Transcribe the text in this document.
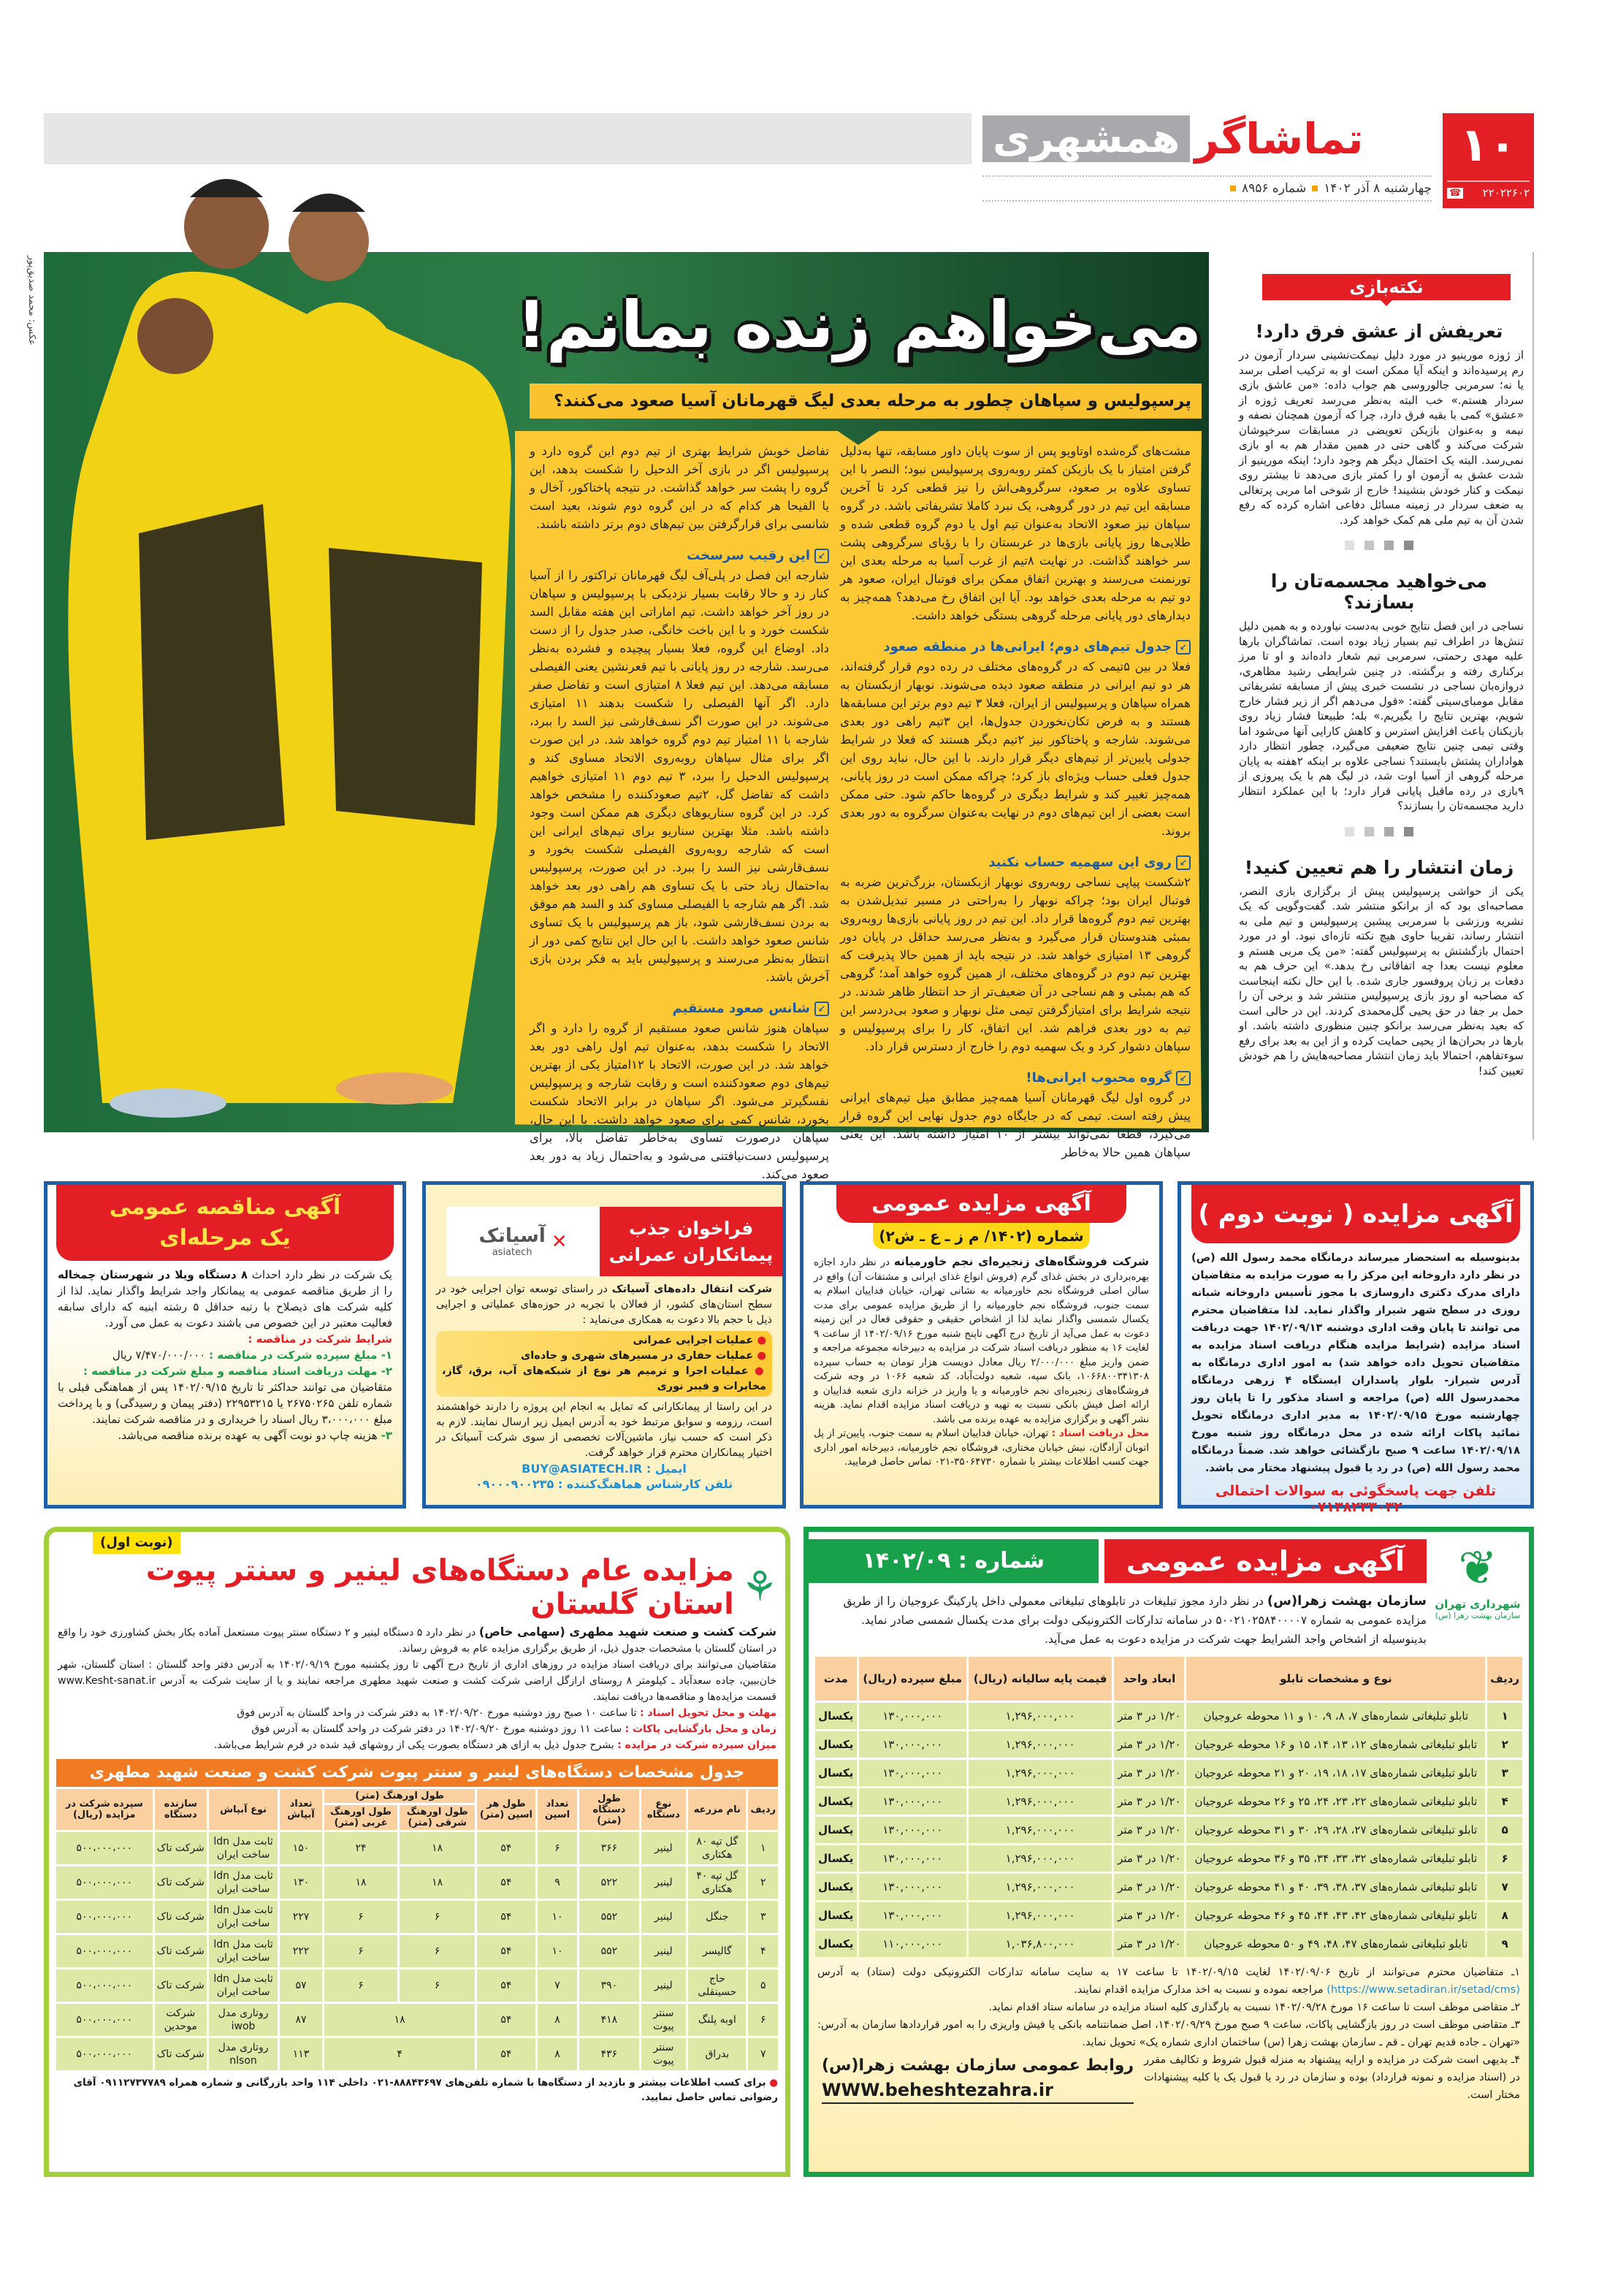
۱۰
☎ ۲۲۰۲۲۶۰۲
تماشاگر
همشهری
چهارشنبه ۸ آذر ۱۴۰۲
شماره ۸۹۵۶
عکس: محمد صدیق‌پور	می‌خواهم زنده بمانم!
پرسپولیس و سپاهان چطور به مرحله بعدی لیگ قهرمانان آسیا صعود می‌کنند؟

مشت‌های گره‌شده اوتاویو پس از سوت پایان داور مسابقه، تنها به‌دلیل گرفتن امتیاز با یک بازیکن کمتر روبه‌روی پرسپولیس نبود؛ النصر با این تساوی علاوه بر صعود، سرگروهی‌اش را نیز قطعی کرد تا آخرین مسابقه این تیم در دور گروهی، یک نبرد کاملا تشریفاتی باشد. در گروه سپاهان نیز صعود الاتحاد به‌عنوان تیم اول یا دوم گروه قطعی شده و طلایی‌ها روز پایانی بازی‌ها در عربستان را با رؤیای سرگروهی پشت سر خواهند گذاشت. در نهایت ۸تیم از غرب آسیا به مرحله بعدی این تورنمنت می‌رسند و بهترین اتفاق ممکن برای فوتبال ایران، صعود هر دو تیم به مرحله بعدی خواهد بود. آیا این اتفاق رخ می‌دهد؟ همه‌چیز به دیدارهای دور پایانی مرحله گروهی بستگی خواهد داشت.

↙
جدول تیم‌های دوم؛ ایرانی‌ها در منطقه صعود

فعلا در بین ۵تیمی که در گروه‌های مختلف در رده دوم قرار گرفته‌اند، هر دو تیم ایرانی در منطقه صعود دیده می‌شوند. نوبهار ازبکستان به همراه سپاهان و پرسپولیس از ایران، فعلا ۳ تیم دوم برتر این مسابقه‌ها هستند و به فرض تکان‌نخوردن جدول‌ها، این ۳تیم راهی دور بعدی می‌شوند. شارجه و پاختاکور نیز ۲تیم دیگر هستند که فعلا در شرایط جدولی پایین‌تر از تیم‌های دیگر قرار دارند. با این حال، نباید روی این جدول فعلی حساب ویژه‌ای باز کرد؛ چراکه ممکن است در روز پایانی، همه‌چیز تغییر کند و شرایط دیگری در گروه‌ها حاکم شود. حتی ممکن است بعضی از این تیم‌های دوم در نهایت به‌عنوان سرگروه به دور بعدی بروند.

↙
روی این سهمیه حساب نکنید

۲شکست پیاپی نساجی روبه‌روی نوبهار ازبکستان، بزرگ‌ترین ضربه به فوتبال ایران بود؛ چراکه نوبهار را به‌راحتی در مسیر تبدیل‌شدن به بهترین تیم دوم گروه‌ها قرار داد. این تیم در روز پایانی بازی‌ها روبه‌روی بمبئی هندوستان قرار می‌گیرد و به‌نظر می‌رسد حداقل در پایان دور گروهی ۱۳ امتیازی خواهد شد. در نتیجه باید از همین حالا پذیرفت که بهترین تیم دوم در گروه‌های مختلف، از همین گروه خواهد آمد؛ گروهی که هم بمبئی و هم نساجی در آن ضعیف‌تر از حد انتظار ظاهر شدند. در نتیجه شرایط برای امتیازگرفتن تیمی مثل نوبهار و صعود بی‌دردسر این تیم به دور بعدی فراهم شد. این اتفاق، کار را برای پرسپولیس و سپاهان دشوار کرد و یک سهمیه دوم را خارج از دسترس قرار داد.

↙
گروه محبوب ایرانی‌ها!

در گروه اول لیگ قهرمانان آسیا همه‌چیز مطابق میل تیم‌های ایرانی پیش رفته است. تیمی که در جایگاه دوم جدول نهایی این گروه قرار می‌گیرد، قطعا نمی‌تواند بیشتر از ۱۰ امتیاز داشته باشد. این یعنی سپاهان همین حالا به‌خاطر

تفاضل خوبش شرایط بهتری از تیم دوم این گروه دارد و پرسپولیس اگر در بازی آخر الدحیل را شکست بدهد، این گروه را پشت سر خواهد گذاشت. در نتیجه پاختاکور، آخال و یا الفیحا هر کدام که در این گروه دوم شوند، بعید است شانسی برای قرارگرفتن بین تیم‌های دوم برتر داشته باشند.

↙
این رقیب سرسخت

شارجه این فصل در پلی‌آف لیگ قهرمانان تراکتور را از آسیا کنار زد و حالا رقابت بسیار نزدیکی با پرسپولیس و سپاهان در روز آخر خواهد داشت. تیم اماراتی این هفته مقابل السد شکست خورد و با این باخت خانگی، صدر جدول را از دست داد. اوضاع این گروه، فعلا بسیار پیچیده و فشرده به‌نظر می‌رسد. شارجه در روز پایانی با تیم قعرنشین یعنی الفیصلی مسابقه می‌دهد. این تیم فعلا ۸ امتیازی است و تفاضل صفر دارد. اگر آنها الفیصلی را شکست بدهند ۱۱ امتیازی می‌شوند. در این صورت اگر نسف‌قارشی نیز السد را ببرد، شارجه با ۱۱ امتیاز تیم دوم گروه خواهد شد. در این صورت اگر برای مثال سپاهان روبه‌روی الاتحاد مساوی کند و پرسپولیس الدحیل را ببرد، ۳ تیم دوم ۱۱ امتیازی خواهیم داشت که تفاضل گل، ۲تیم صعودکننده را مشخص خواهد کرد. در این گروه سناریوهای دیگری هم ممکن است وجود داشته باشد. مثلا بهترین سناریو برای تیم‌های ایرانی این است که شارجه روبه‌روی الفیصلی شکست بخورد و نسف‌قارشی نیز السد را ببرد. در این صورت، پرسپولیس به‌احتمال زیاد حتی با یک تساوی هم راهی دور بعد خواهد شد. اگر هم شارجه با الفیصلی مساوی کند و السد هم موفق به بردن نسف‌قارشی شود، باز هم پرسپولیس با یک تساوی شانس صعود خواهد داشت. با این حال این نتایج کمی دور از انتظار به‌نظر می‌رسند و پرسپولیس باید به فکر بردن بازی آخرش باشد.

↙
شانس صعود مستقیم

سپاهان هنوز شانس صعود مستقیم از گروه را دارد و اگر الاتحاد را شکست بدهد، به‌عنوان تیم اول راهی دور بعد خواهد شد. در این صورت، الاتحاد با ۱۲امتیاز یکی از بهترین تیم‌های دوم صعودکننده است و رقابت شارجه و پرسپولیس نفسگیرتر می‌شود. اگر سپاهان در برابر الاتحاد شکست بخورد، شانس کمی برای صعود خواهد داشت. با این حال، سپاهان درصورت تساوی به‌خاطر تفاضل بالا، برای پرسپولیس دست‌نیافتنی می‌شود و به‌احتمال زیاد به دور بعد صعود می‌کند.

نکته‌بازی
تعریفش از عشق فرق دارد!
از ژوزه مورینیو در مورد دلیل نیمکت‌نشینی سردار آزمون در رم پرسیده‌اند و اینکه آیا ممکن است او به ترکیب اصلی برسد یا نه؛ سرمربی جالوروسی هم جواب داده: «من عاشق بازی سردار هستم.» خب البته به‌نظر می‌رسد تعریف ژوزه از «عشق» کمی با بقیه فرق دارد، چرا که آزمون همچنان نصفه و نیمه و به‌عنوان بازیکن تعویضی در مسابقات سرخپوشان شرکت می‌کند و گاهی حتی در همین مقدار هم به او بازی نمی‌رسد. البته یک احتمال دیگر هم وجود دارد؛ اینکه مورینیو از شدت عشق به آزمون او را کمتر بازی می‌دهد تا بیشتر روی نیمکت و کنار خودش بنشیند! خارج از شوخی اما مربی پرتغالی به ضعف سردار در زمینه مسائل دفاعی اشاره کرده که رفع شدن آن به تیم ملی هم کمک خواهد کرد.
می‌خواهید مجسمه‌تان را بسازند؟
نساجی در این فصل نتایج خوبی به‌دست نیاورده و به همین دلیل تنش‌ها در اطراف تیم بسیار زیاد بوده است. تماشاگران بارها علیه مهدی رحمتی، سرمربی تیم شعار داده‌اند و او تا مرز برکناری رفته و برگشته. در چنین شرایطی رشید مظاهری، دروازه‌بان نساجی در نشست خبری پیش از مسابقه تشریفاتی مقابل مومبای‌سیتی گفته: «قول می‌دهم اگر از زیر فشار خارج شویم، بهترین نتایج را بگیریم.» بله؛ طبیعتا فشار زیاد روی بازیکنان باعث افزایش استرس و کاهش کارایی آنها می‌شود اما وقتی تیمی چنین نتایج ضعیفی می‌گیرد، چطور انتظار دارد هواداران پشتش بایستند؟ نساجی علاوه بر اینکه ۲هفته به پایان مرحله گروهی از آسیا اوت شد، در لیگ هم با یک پیروزی از ۹بازی در رده ماقبل پایانی قرار دارد؛ با این عملکرد انتظار دارید مجسمه‌تان را بسازند؟
زمان انتشار را هم تعیین کنید!
یکی از حواشی پرسپولیس پیش از برگزاری بازی النصر، مصاحبه‌ای بود که از برانکو منتشر شد. گفت‌وگویی که یک نشریه ورزشی با سرمربی پیشین پرسپولیس و تیم ملی به انتشار رساند، تقریبا حاوی هیچ نکته تازه‌ای نبود. او در مورد احتمال بازگشتش به پرسپولیس گفته: «من یک مربی هستم و معلوم نیست بعدا چه اتفاقاتی رخ بدهد.» این حرف هم به دفعات بر زبان پروفسور جاری شده. با این حال نکته اینجاست که مصاحبه او روز بازی پرسپولیس منتشر شد و برخی آن را حمل بر جفا در حق یحیی گل‌محمدی کردند. این در حالی است که بعید به‌نظر می‌رسد برانکو چنین منظوری داشته باشد. او بارها در بحران‌ها از یحیی حمایت کرده و از این به بعد برای رفع سوءتفاهم، احتمالا باید زمان انتشار مصاحبه‌هایش را هم خودش تعیین کند!
آگهی مناقصه عمومی
یک مرحله‌ای
یک شرکت در نظر دارد احداث ۸ دستگاه ویلا در شهرستان چمخاله را از طریق مناقصه عمومی به پیمانکار واجد شرایط واگذار نماید. لذا از کلیه شرکت های ذیصلاح با رتبه حداقل ۵ رشته ابنیه که دارای سابقه فعالیت معتبر در این خصوص می باشند دعوت به عمل می آورد.
شرایط شرکت در مناقصه :
۱- مبلغ سپرده شرکت در مناقصه : ۷/۴۷۰/۰۰۰/۰۰۰ ریال
۲- مهلت دریافت اسناد مناقصه و مبلغ شرکت در مناقصه :
متقاضیان می توانند حداکثر تا تاریخ ۱۴۰۲/۰۹/۱۵ پس از هماهنگی قبلی با شماره تلفن ۲۶۷۵۰۲۶۵ یا ۲۲۹۵۳۲۱۵ (دفتر پیمان و رسیدگی) و با پرداخت مبلغ ۳،۰۰۰،۰۰۰ ریال اسناد را خریداری و در مناقصه شرکت نمایند.
۳- هزینه چاپ دو نوبت آگهی به عهده برنده مناقصه می‌باشد.
فراخوان جذب
پیمانکاران عمرانی
✕
آسیاتک
asiatech
شرکت انتقال داده‌های آسیاتک در راستای توسعه توان اجرایی خود در سطح استان‌های کشور، از فعالان با تجربه در حوزه‌های عملیاتی و اجرایی ذیل با حجم بالا دعوت به همکاری می‌نماید :
● عملیات اجرایی عمرانی
● عملیات حفاری در مسیرهای شهری و جاده‌ای
● عملیات اجرا و ترمیم هر نوع از شبکه‌های آب، برق، گاز، مخابرات و فیبر نوری
در این راستا از پیمانکارانی که تمایل به انجام این پروژه را دارند خواهشمند است، رزومه و سوابق مرتبط خود به آدرس ایمیل زیر ارسال نمایند. لازم به ذکر است که حسب نیاز، ماشین‌آلات تخصصی از سوی شرکت آسیاتک در اختیار پیمانکاران محترم قرار خواهد گرفت.
ایمیل : BUY@ASIATECH.IR
تلفن کارشناس هماهنگ‌کننده : ۰۹۰۰۰۹۰۰۲۳۵
آگهی مزایده عمومی
شماره (۱۴۰۲/ م ز ـ ع ـ ش۲)
شرکت فروشگاه‌های زنجیره‌ای نجم خاورمیانه در نظر دارد اجازه بهره‌برداری در بخش غذای گرم (فروش انواع غذای ایرانی و مشتقات آن) واقع در سالن اصلی فروشگاه نجم خاورمیانه به نشانی تهران، خیابان فداییان اسلام به سمت جنوب، فروشگاه نجم خاورمیانه را از طریق مزایده عمومی برای مدت یکسال شمسی واگذار نماید لذا از اشخاص حقیقی و حقوقی فعال در این زمینه دعوت به عمل می‌آید از تاریخ درج آگهی تاپنج شنبه مورخ ۱۴۰۲/۰۹/۱۶ از ساعت ۹ لغایت ۱۶ به منظور دریافت اسناد شرکت در مزایده به دبیرخانه مجموعه مراجعه و ضمن واریز مبلغ ۲/۰۰۰/۰۰۰ ریال معادل دویست هزار تومان به حساب سپرده ۱۰۶۶۸۰۰۳۴۱۳۰۸، بانک سپه، شعبه دولت‌آباد، کد شعبه ۱۰۶۶ در وجه شرکت فروشگاه‌های زنجیره‌ای نجم خاورمیانه و یا واریز در خزانه داری شعبه فداییان و ارائه اصل فیش بانکی نسبت به تهیه و دریافت اسناد مزایده اقدام نماید. هزینه نشر آگهی و برگزاری مزایده به عهده برنده می باشد.
محل دریافت اسناد : تهران، خیابان فداییان اسلام به سمت جنوب، پایین‌تر از پل اتوبان آزادگان، نبش خیابان مختاری، فروشگاه نجم خاورمیانه، دبیرخانه امور اداری جهت کسب اطلاعات بیشتر با شماره ۳۵۰۶۴۷۳۰-۰۲۱ تماس حاصل فرمایید.
آگهی مزایده ( نوبت دوم )
بدینوسیله به استحضار میرساند درمانگاه محمد رسول الله (ص) در نظر دارد داروخانه این مرکز را به صورت مزایده به متقاضیان دارای مدرک دکتری داروسازی با مجوز تأسیس داروخانه شبانه روزی در سطح شهر شیراز واگذار نماید. لذا متقاضیان محترم می توانند تا پایان وقت اداری دوشنبه ۱۴۰۲/۰۹/۱۳ جهت دریافت اسناد مزایده (شرایط مزایده هنگام دریافت اسناد مزایده به متقاضیان تحویل داده خواهد شد) به امور اداری درمانگاه به آدرس شیراز- بلوار پاسداران ایستگاه ۴ زرهی درمانگاه محمدرسول الله (ص) مراجعه و اسناد مذکور را تا پایان روز چهارشنبه مورخ ۱۴۰۲/۰۹/۱۵ به مدیر اداری درمانگاه تحویل نمائید پاکات ارائه شده در محل درمانگاه روز شنبه مورخ ۱۴۰۲/۰۹/۱۸ ساعت ۹ صبح بازگشائی خواهد شد. ضمناً درمانگاه محمد رسول الله (ص) در رد یا قبول پیشنهاد مختار می باشد.
تلفن جهت پاسخگوئی به سوالات احتمالی ۰۷۱۳۸۲۳۳۰۳۲
(نوبت اول)
⚘
مزایده عام دستگاه‌های لینیر و سنتر پیوت استان گلستان
شرکت کشت و صنعت شهید مطهری (سهامی خاص) در نظر دارد ۵ دستگاه لینیر و ۲ دستگاه سنتر پیوت مستعمل آماده بکار بخش کشاورزی خود را واقع در استان گلستان با مشخصات جدول ذیل، از طریق برگزاری مزایده عام به فروش رساند.
متقاضیان می‌توانند برای دریافت اسناد مزایده در روزهای اداری از تاریخ درج آگهی تا روز یکشنبه مورخ ۱۴۰۲/۰۹/۱۹ به آدرس دفتر واحد گلستان : استان گلستان، شهر خان‌ببین، جاده سعدآباد ـ کیلومتر ۸ روستای ارازگل اراضی شرکت کشت و صنعت شهید مطهری مراجعه نمایند و یا از سایت شرکت به آدرس www.Kesht-sanat.ir قسمت مزایده‌ها و مناقصه‌ها دریافت نمایند.
مهلت و محل تحویل اسناد : تا ساعت ۱۰ صبح روز دوشنبه مورخ ۱۴۰۲/۰۹/۲۰ به دفتر شرکت در واحد گلستان به آدرس فوق
زمان و محل بازگشایی پاکات : ساعت ۱۱ روز دوشنبه مورخ ۱۴۰۲/۰۹/۲۰ در دفتر شرکت در واحد گلستان به آدرس فوق
میزان سپرده شرکت در مزایده : بشرح جدول ذیل به ازای هر دستگاه بصورت یکی از روشهای قید شده در فرم شرایط می‌باشد.
جدول مشخصات دستگاه‌های لینیر و سنتر پیوت شرکت کشت و صنعت شهید مطهری
ردیف	نام مزرعه	نوع دستگاه	طول دستگاه (متر)	تعداد اسپن	طول هر اسپن (متر)	طول اورهنگ (متر)		تعداد آبپاش	نوع آبپاش	سازنده دستگاه	سپرده شرکت در مزایده (ریال)
						طول اورهنگ شرقی (متر)	طول اورهنگ غربی (متر)				
۱	گل تپه ۸۰ هکتاری	لینیر	۳۶۶	۶	۵۴	۱۸	۲۴	۱۵۰	ثابت مدل ldn ساخت ایران	شرکت تاک	۵۰۰،۰۰۰،۰۰۰
۲	گل تپه ۴۰ هکتاری	لینیر	۵۲۲	۹	۵۴	۱۸	۱۸	۱۳۰	ثابت مدل ldn ساخت ایران	شرکت تاک	۵۰۰،۰۰۰،۰۰۰
۳	جنگل	لینیر	۵۵۲	۱۰	۵۴	۶	۶	۲۲۷	ثابت مدل ldn ساخت ایران	شرکت تاک	۵۰۰،۰۰۰،۰۰۰
۴	گالیسر	لینیر	۵۵۲	۱۰	۵۴	۶	۶	۲۲۲	ثابت مدل ldn ساخت ایران	شرکت تاک	۵۰۰،۰۰۰،۰۰۰
۵	حاج حسینقلی	لینیر	۳۹۰	۷	۵۴	۶	۶	۵۷	ثابت مدل ldn ساخت ایران	شرکت تاک	۵۰۰،۰۰۰،۰۰۰
۶	اوبه پلنگ	سنتر پیوت	۴۱۸	۸	۵۴	۱۸		۸۷	روتاری مدل iwob	شرکت موحدین	۵۰۰،۰۰۰،۰۰۰
۷	بدراق	سنتر پیوت	۴۳۶	۸	۵۴	۴		۱۱۳	روتاری مدل nlson	شرکت تاک	۵۰۰،۰۰۰،۰۰۰
● برای کسب اطلاعات بیشتر و بازدید از دستگاه‌ها با شماره تلفن‌های ۸۸۸۴۳۶۹۷-۰۲۱ داخلی ۱۱۴ واحد بازرگانی و شماره همراه ۰۹۱۱۲۷۳۷۷۸۹ آقای رضوانی تماس حاصل نمایید.
❦
شهرداری تهران
سازمان بهشت زهرا (س)
آگهی مزایده عمومی
شماره : ۱۴۰۲/۰۹
سازمان بهشت زهرا(س) در نظر دارد مجوز تبلیغات در تابلوهای تبلیغاتی معمولی داخل پارکینگ عروجیان را از طریق مزایده عمومی به شماره ۵۰۰۲۱۰۲۵۸۴۰۰۰۰۷ در سامانه تدارکات الکترونیکی دولت برای مدت یکسال شمسی صادر نماید. بدینوسیله از اشخاص واجد الشرایط جهت شرکت در مزایده دعوت به عمل می‌آید.
ردیف	نوع و مشخصات تابلو	ابعاد واحد	قیمت پایه سالیانه (ریال)	مبلغ سپرده (ریال)	مدت
۱	تابلو تبلیغاتی شماره‌های ۷، ۸، ۹، ۱۰ و ۱۱ محوطه عروجیان	۱/۲۰ در ۳ متر	۱,۲۹۶,۰۰۰,۰۰۰	۱۳۰,۰۰۰,۰۰۰	یکسال
۲	تابلو تبلیغاتی شماره‌های ۱۲، ۱۳، ۱۴، ۱۵ و ۱۶ محوطه عروجیان	۱/۲۰ در ۳ متر	۱,۲۹۶,۰۰۰,۰۰۰	۱۳۰,۰۰۰,۰۰۰	یکسال
۳	تابلو تبلیغاتی شماره‌های ۱۷، ۱۸، ۱۹، ۲۰ و ۲۱ محوطه عروجیان	۱/۲۰ در ۳ متر	۱,۲۹۶,۰۰۰,۰۰۰	۱۳۰,۰۰۰,۰۰۰	یکسال
۴	تابلو تبلیغاتی شماره‌های ۲۲، ۲۳، ۲۴، ۲۵ و ۲۶ محوطه عروجیان	۱/۲۰ در ۳ متر	۱,۲۹۶,۰۰۰,۰۰۰	۱۳۰,۰۰۰,۰۰۰	یکسال
۵	تابلو تبلیغاتی شماره‌های ۲۷، ۲۸، ۲۹، ۳۰ و ۳۱ محوطه عروجیان	۱/۲۰ در ۳ متر	۱,۲۹۶,۰۰۰,۰۰۰	۱۳۰,۰۰۰,۰۰۰	یکسال
۶	تابلو تبلیغاتی شماره‌های ۳۲، ۳۳، ۳۴، ۳۵ و ۳۶ محوطه عروجیان	۱/۲۰ در ۳ متر	۱,۲۹۶,۰۰۰,۰۰۰	۱۳۰,۰۰۰,۰۰۰	یکسال
۷	تابلو تبلیغاتی شماره‌های ۳۷، ۳۸، ۳۹، ۴۰ و ۴۱ محوطه عروجیان	۱/۲۰ در ۳ متر	۱,۲۹۶,۰۰۰,۰۰۰	۱۳۰,۰۰۰,۰۰۰	یکسال
۸	تابلو تبلیغاتی شماره‌های ۴۲، ۴۳، ۴۴، ۴۵ و ۴۶ محوطه عروجیان	۱/۲۰ در ۳ متر	۱,۲۹۶,۰۰۰,۰۰۰	۱۳۰,۰۰۰,۰۰۰	یکسال
۹	تابلو تبلیغاتی شماره‌های ۴۷، ۴۸، ۴۹ و ۵۰ محوطه عروجیان	۱/۲۰ در ۳ متر	۱,۰۳۶,۸۰۰,۰۰۰	۱۱۰,۰۰۰,۰۰۰	یکسال
۱ـ متقاضیان محترم می‌توانند از تاریخ ۱۴۰۲/۰۹/۰۶ لغایت ۱۴۰۲/۰۹/۱۵ تا ساعت ۱۷ به سایت سامانه تدارکات الکترونیکی دولت (ستاد) به آدرس (https://www.setadiran.ir/setad/cms) مراجعه نموده و نسبت به اخذ مدارک مزایده اقدام نمایند.
۲ـ متقاضی موظف است تا ساعت ۱۶ مورخ ۱۴۰۲/۰۹/۲۸ نسبت به بارگذاری کلیه اسناد مزایده در سامانه ستاد اقدام نماید.
۳ـ متقاضی موظف است در روز بازگشایی پاکات، ساعت ۹ صبح مورخ ۱۴۰۲/۰۹/۲۹، اصل ضمانتنامه بانکی یا فیش واریزی را به امور قراردادها سازمان به آدرس: «تهران ـ جاده قدیم تهران ـ قم ـ سازمان بهشت زهرا (س) ساختمان اداری شماره یک» تحویل نماید.
روابط عمومی سازمان بهشت زهرا(س)
WWW.beheshtezahra.ir
۴ـ بدیهی است شرکت در مزایده و ارایه پیشنهاد به منزله قبول شروط و تکالیف مقرر در (اسناد مزایده و نمونه قرارداد) بوده و سازمان در رد یا قبول یک یا کلیه پیشنهادات مختار است.
